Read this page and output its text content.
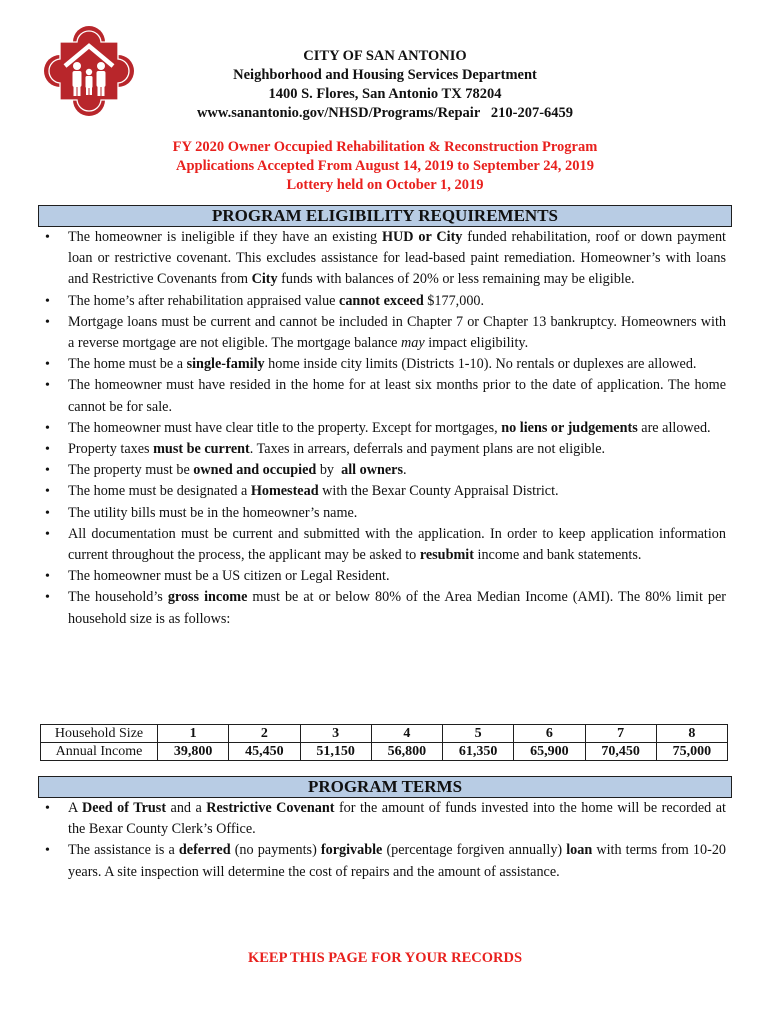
CITY OF SAN ANTONIO
Neighborhood and Housing Services Department
1400 S. Flores, San Antonio TX 78204
www.sanantonio.gov/NHSD/Programs/Repair   210-207-6459
FY 2020 Owner Occupied Rehabilitation & Reconstruction Program
Applications Accepted From August 14, 2019 to September 24, 2019
Lottery held on October 1, 2019
PROGRAM ELIGIBILITY REQUIREMENTS
• The homeowner is ineligible if they have an existing HUD or City funded rehabilitation, roof or down payment loan or restrictive covenant. This excludes assistance for lead-based paint remediation. Homeowner’s with loans and Restrictive Covenants from City funds with balances of 20% or less remaining may be eligible.
• The home’s after rehabilitation appraised value cannot exceed $177,000.
• Mortgage loans must be current and cannot be included in Chapter 7 or Chapter 13 bankruptcy. Homeowners with a reverse mortgage are not eligible. The mortgage balance may impact eligibility.
• The home must be a single-family home inside city limits (Districts 1-10). No rentals or duplexes are allowed.
• The homeowner must have resided in the home for at least six months prior to the date of application. The home cannot be for sale.
• The homeowner must have clear title to the property. Except for mortgages, no liens or judgements are allowed.
• Property taxes must be current. Taxes in arrears, deferrals and payment plans are not eligible.
• The property must be owned and occupied by  all owners.
• The home must be designated a Homestead with the Bexar County Appraisal District.
• The utility bills must be in the homeowner’s name.
• All documentation must be current and submitted with the application. In order to keep application information current throughout the process, the applicant may be asked to resubmit income and bank statements.
• The homeowner must be a US citizen or Legal Resident.
• The household’s gross income must be at or below 80% of the Area Median Income (AMI). The 80% limit per household size is as follows:
Household Size	1	2	3	4	5	6	7	8
Annual Income	39,800	45,450	51,150	56,800	61,350	65,900	70,450	75,000
PROGRAM TERMS
• A Deed of Trust and a Restrictive Covenant for the amount of funds invested into the home will be recorded at the Bexar County Clerk’s Office.
• The assistance is a deferred (no payments) forgivable (percentage forgiven annually) loan with terms from 10-20 years. A site inspection will determine the cost of repairs and the amount of assistance.
KEEP THIS PAGE FOR YOUR RECORDS
